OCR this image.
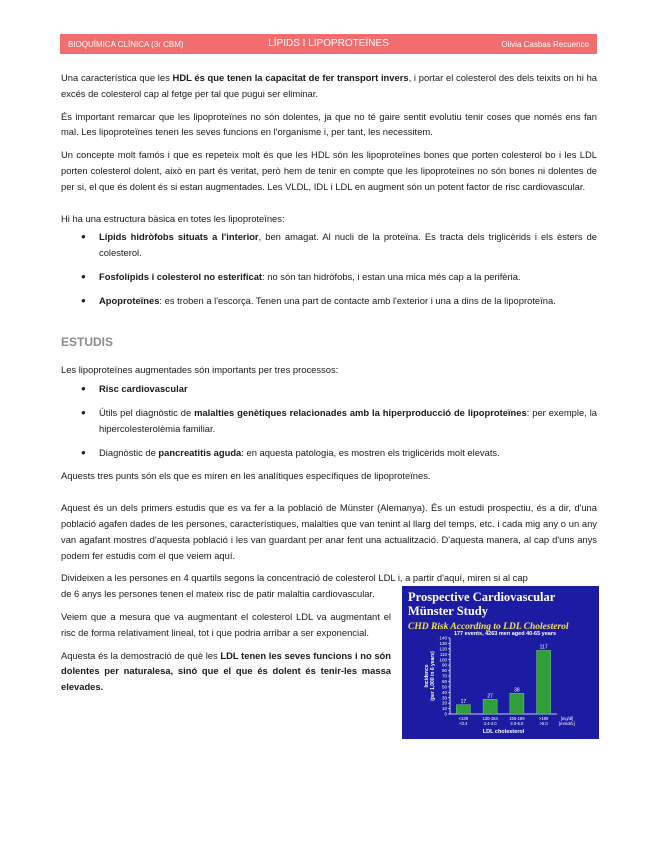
BIOQUÍMICA CLÍNICA (3r CBM)	LÍPIDS I LIPOPROTEÏNES	Olivia Casbas Recuenco

Una característica que les HDL és que tenen la capacitat de fer transport invers, i portar el colesterol des dels teixits on hi ha excés de colesterol cap al fetge per tal que pugui ser eliminar.

És important remarcar que les lipoproteïnes no són dolentes, ja que no té gaire sentit evolutiu tenir coses que només ens fan mal. Les lipoproteïnes tenen les seves funcions en l'organisme i, per tant, les necessitem.

Un concepte molt famós i que es repeteix molt és que les HDL són les lipoproteïnes bones que porten colesterol bo i les LDL porten colesterol dolent, això en part és veritat, però hem de tenir en compte que les lipoproteïnes no són bones ni dolentes de per si, el que és dolent és si estan augmentades. Les VLDL, IDL i LDL en augment són un potent factor de risc cardiovascular.

Hi ha una estructura bàsica en totes les lipoproteïnes:

● Lípids hidròfobs situats a l'interior, ben amagat. Al nucli de la proteïna. Es tracta dels triglicèrids i els èsters de colesterol.
● Fosfolípids i colesterol no esterificat: no són tan hidròfobs, i estan una mica més cap a la perifèria.
● Apoproteïnes: es troben a l'escorça. Tenen una part de contacte amb l'exterior i una a dins de la lipoproteïna.
ESTUDIS

Les lipoproteïnes augmentades són importants per tres processos:

● Risc cardiovascular
● Útils pel diagnòstic de malalties genètiques relacionades amb la hiperproducció de lipoproteïnes: per exemple, la hipercolesterolèmia familiar.
● Diagnòstic de pancreatitis aguda: en aquesta patologia, es mostren els triglicèrids molt elevats.

Aquests tres punts són els que es miren en les analítiques específiques de lipoproteïnes.

Aquest és un dels primers estudis que es va fer a la població de Münster (Alemanya). És un estudi prospectiu, és a dir, d'una població agafen dades de les persones, característiques, malalties que van tenint al llarg del temps, etc. i cada mig any o un any van agafant mostres d'aquesta població i les van guardant per anar fent una actualització. D'aquesta manera, al cap d'uns anys podem fer estudis com el que veiem aquí.

Divideixen a les persones en 4 quartils segons la concentració de colesterol LDL i, a partir d'aquí, miren si al cap

Prospective Cardiovascular
Münster Study
CHD Risk According to LDL Cholesterol
0
10
20
30
40
50
60
70
80
90
100
110
120
130
140
17
<130
<3.4
27
130-154
3.4-4.0
38
155-189
4.0-5.0
117
>190
>5.0
177 events, 4263 men aged 40-65 years
[mg/dl]
[mmol/L]
LDL cholesterol
Incidence(per 1,000 in 6 years)

de 6 anys les persones tenen el mateix risc de patir malaltia cardiovascular.

Veiem que a mesura que va augmentant el colesterol LDL va augmentant el risc de forma relativament lineal, tot i que podria arribar a ser exponencial.

Aquesta és la demostració de què les LDL tenen les seves funcions i no són dolentes per naturalesa, sinó que el que és dolent és tenir-les massa elevades.
